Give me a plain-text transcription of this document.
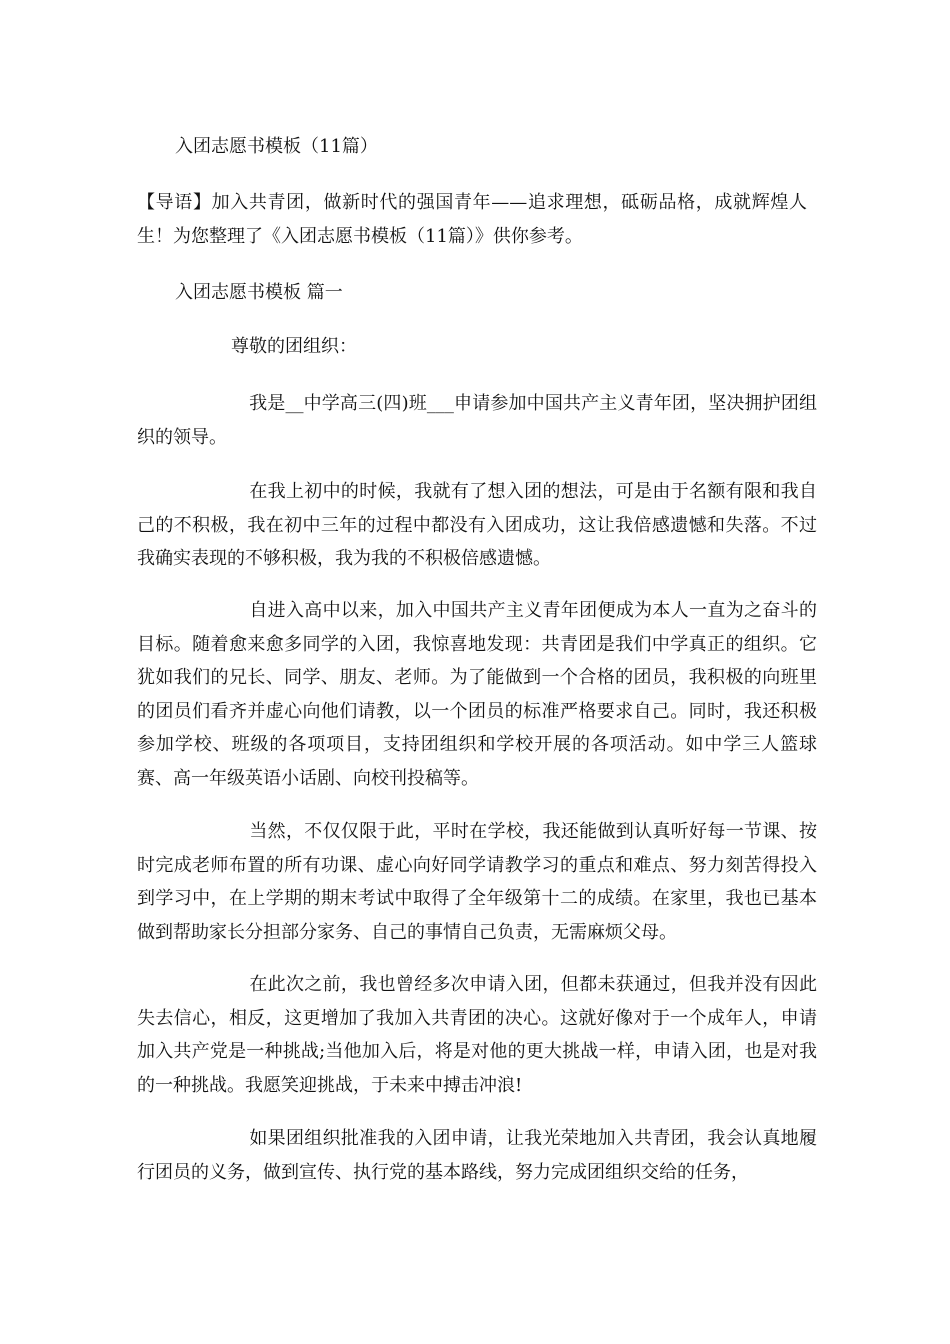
入团志愿书模板（11篇）

【导语】加入共青团，做新时代的强国青年——追求理想，砥砺品格，成就辉煌人生！为您整理了《入团志愿书模板（11篇）》供你参考。

入团志愿书模板 篇一

尊敬的团组织：

我是__中学高三(四)班___申请参加中国共产主义青年团，坚决拥护团组织的领导。

在我上初中的时候，我就有了想入团的想法，可是由于名额有限和我自己的不积极，我在初中三年的过程中都没有入团成功，这让我倍感遗憾和失落。不过我确实表现的不够积极，我为我的不积极倍感遗憾。

自进入高中以来，加入中国共产主义青年团便成为本人一直为之奋斗的目标。随着愈来愈多同学的入团，我惊喜地发现：共青团是我们中学真正的组织。它犹如我们的兄长、同学、朋友、老师。为了能做到一个合格的团员，我积极的向班里的团员们看齐并虚心向他们请教，以一个团员的标准严格要求自己。同时，我还积极参加学校、班级的各项项目，支持团组织和学校开展的各项活动。如中学三人篮球赛、高一年级英语小话剧、向校刊投稿等。

当然，不仅仅限于此，平时在学校，我还能做到认真听好每一节课、按时完成老师布置的所有功课、虚心向好同学请教学习的重点和难点、努力刻苦得投入到学习中，在上学期的期末考试中取得了全年级第十二的成绩。在家里，我也已基本做到帮助家长分担部分家务、自己的事情自己负责，无需麻烦父母。

在此次之前，我也曾经多次申请入团，但都未获通过，但我并没有因此失去信心，相反，这更增加了我加入共青团的决心。这就好像对于一个成年人，申请加入共产党是一种挑战;当他加入后，将是对他的更大挑战一样，申请入团，也是对我的一种挑战。我愿笑迎挑战，于未来中搏击冲浪!

如果团组织批准我的入团申请，让我光荣地加入共青团，我会认真地履行团员的义务，做到宣传、执行党的基本路线，努力完成团组织交给的任务，
